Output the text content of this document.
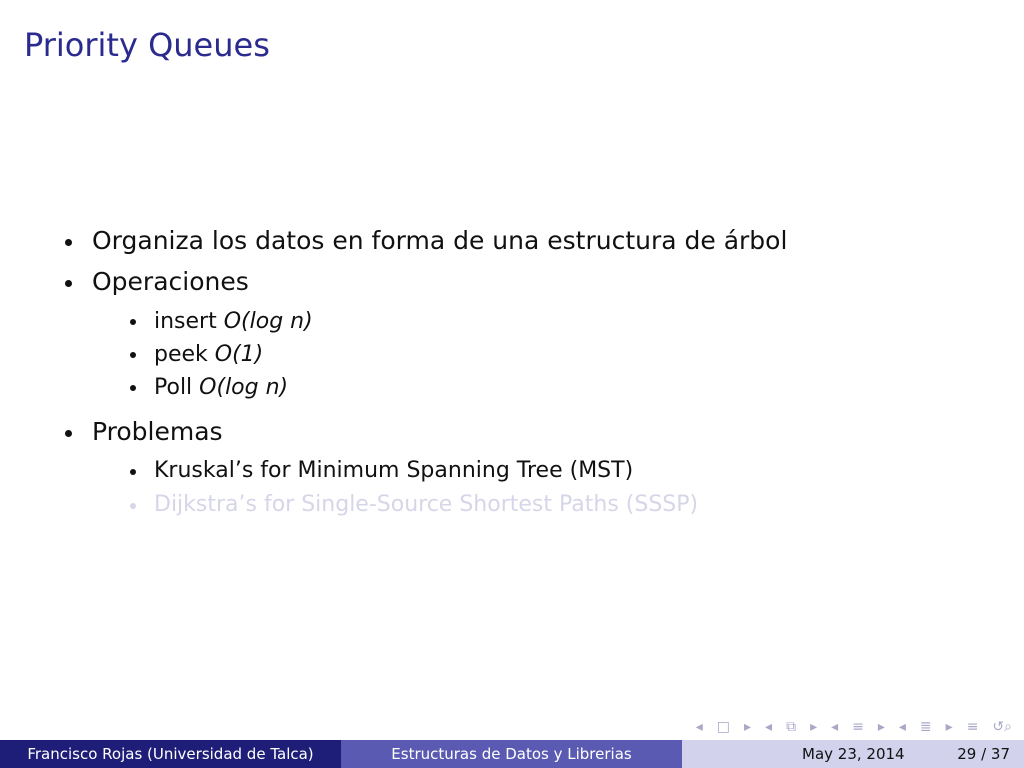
Priority Queues
Organiza los datos en forma de una estructura de árbol
Operaciones
insert O(log n)
peek O(1)
Poll O(log n)
Problemas
Kruskal’s for Minimum Spanning Tree (MST)
Dijkstra’s for Single-Source Shortest Paths (SSSP)
◂ □ ▸ ◂ ⧉ ▸ ◂ ≡ ▸ ◂ ≣ ▸ ≡ ↺⌕
Francisco Rojas (Universidad de Talca)	Estructuras de Datos y Librerias	May 23, 2014	29 / 37
